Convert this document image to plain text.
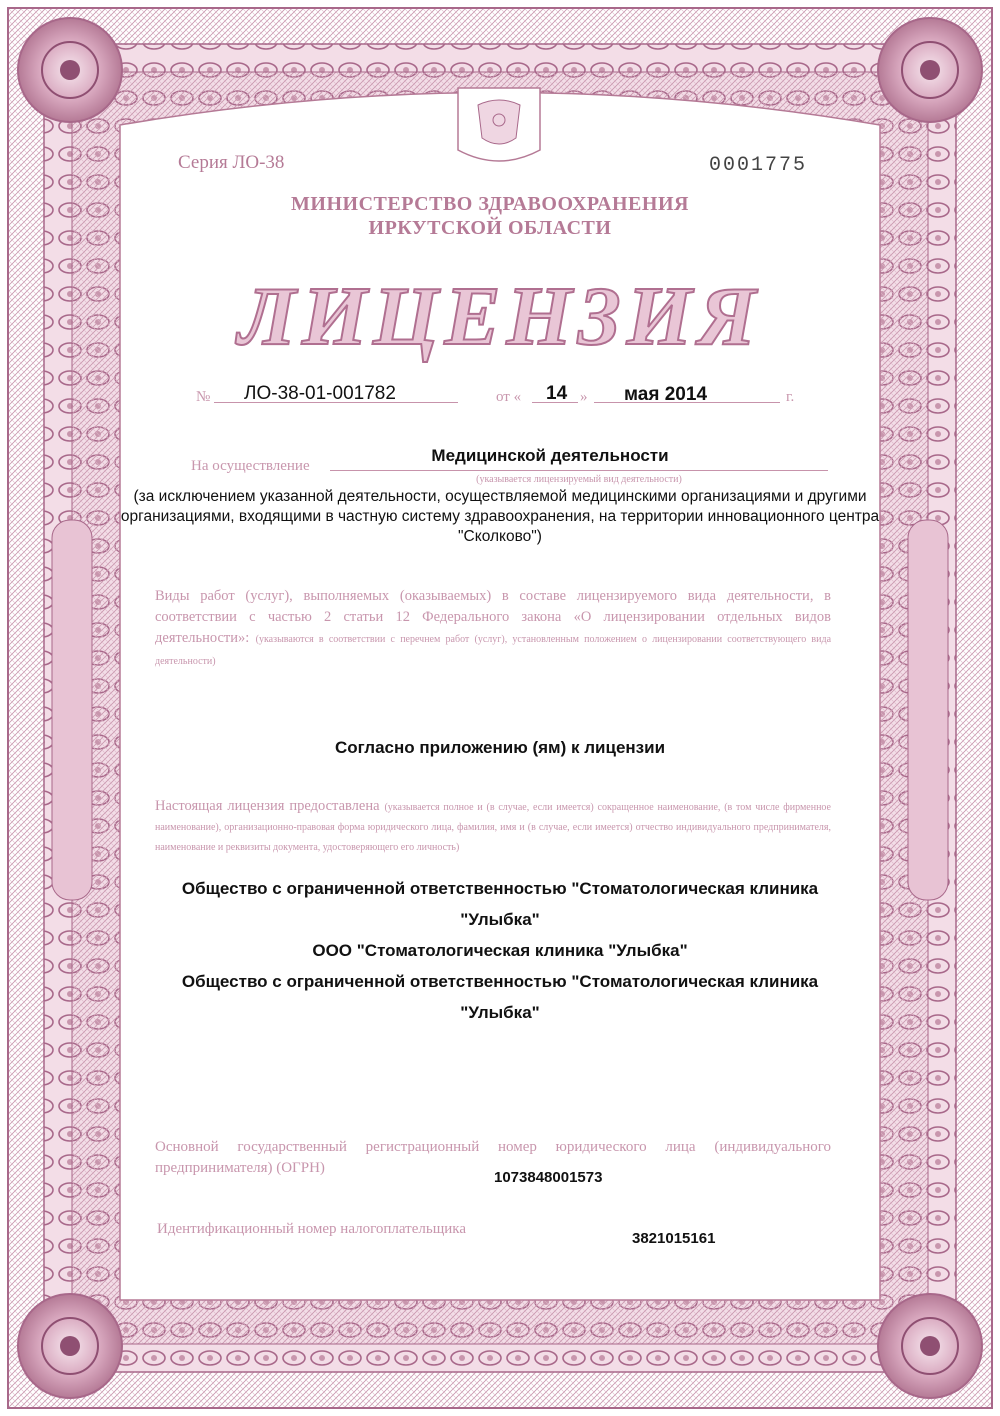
Серия ЛО-38	0001775
МИНИСТЕРСТВО ЗДРАВООХРАНЕНИЯ
ИРКУТСКОЙ ОБЛАСТИ
ЛИЦЕНЗИЯ
№ ЛО-38-01-001782	от « 14 » мая 2014	г.
На осуществление
Медицинской деятельности
(указывается лицензируемый вид деятельности)
(за исключением указанной деятельности, осуществляемой медицинскими организациями и другими организациями, входящими в частную систему здравоохранения, на территории инновационного центра "Сколково")
Виды работ (услуг), выполняемых (оказываемых) в составе лицензируемого вида деятельности, в соответствии с частью 2 статьи 12 Федерального закона «О лицензировании отдельных видов деятельности»: (указываются в соответствии с перечнем работ (услуг), установленным положением о лицензировании соответствующего вида деятельности)
Согласно приложению (ям) к лицензии
Настоящая лицензия предоставлена (указывается полное и (в случае, если имеется) сокращенное наименование, (в том числе фирменное наименование), организационно-правовая форма юридического лица, фамилия, имя и (в случае, если имеется) отчество индивидуального предпринимателя, наименование и реквизиты документа, удостоверяющего его личность)
Общество с ограниченной ответственностью "Стоматологическая клиника
"Улыбка"
ООО "Стоматологическая клиника "Улыбка"
Общество с ограниченной ответственностью "Стоматологическая клиника
"Улыбка"
Основной государственный регистрационный номер юридического лица (индивидуального предпринимателя) (ОГРН)
1073848001573
Идентификационный номер налогоплательщика
3821015161
